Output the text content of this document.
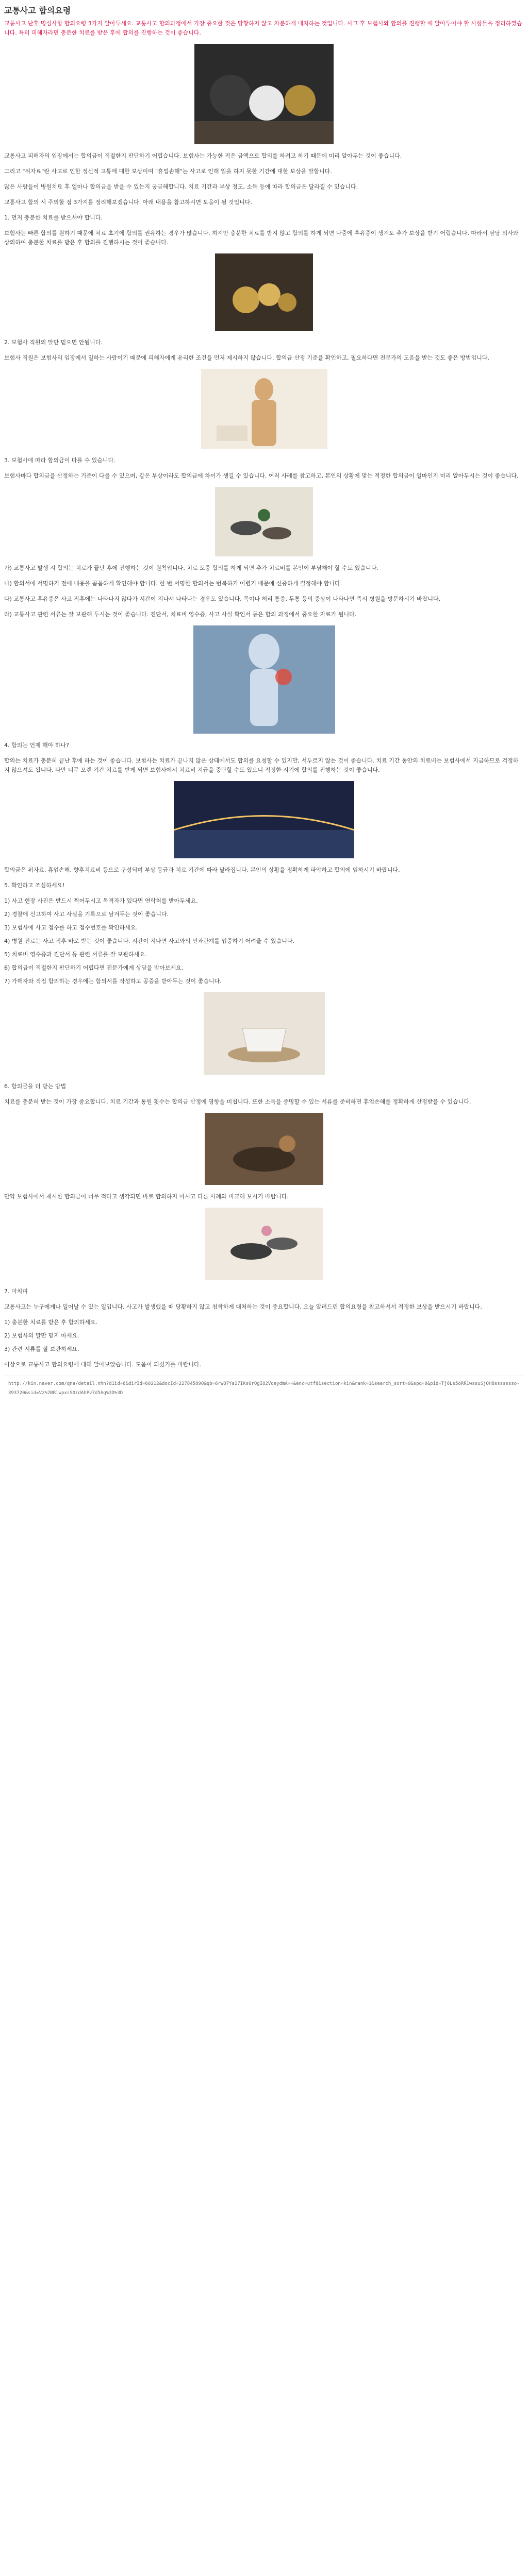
교통사고 합의요령

교통사고 난후 명심사항 합의요령 3가지 알아두세요. 교통사고 합의과정에서 가장 중요한 것은 당황하지 않고 차분하게 대처하는 것입니다. 사고 후 보험사와 합의를 진행할 때 알아두어야 할 사항들을 정리하였습니다. 특히 피해자라면 충분한 치료를 받은 후에 합의를 진행하는 것이 좋습니다.

교통사고 피해자의 입장에서는 합의금이 적절한지 판단하기 어렵습니다. 보험사는 가능한 적은 금액으로 합의를 하려고 하기 때문에 미리 알아두는 것이 좋습니다.

그리고 "위자료"란 사고로 인한 정신적 고통에 대한 보상이며 "휴업손해"는 사고로 인해 일을 하지 못한 기간에 대한 보상을 말합니다.

많은 사람들이 병원치료 후 얼마나 합의금을 받을 수 있는지 궁금해합니다. 치료 기간과 부상 정도, 소득 등에 따라 합의금은 달라질 수 있습니다.

교통사고 합의 시 주의할 점 3가지를 정리해보겠습니다. 아래 내용을 참고하시면 도움이 될 것입니다.

1. 먼저 충분한 치료를 받으셔야 합니다.

보험사는 빠른 합의를 원하기 때문에 치료 초기에 합의를 권유하는 경우가 많습니다. 하지만 충분한 치료를 받지 않고 합의를 하게 되면 나중에 후유증이 생겨도 추가 보상을 받기 어렵습니다. 따라서 담당 의사와 상의하여 충분한 치료를 받은 후 합의를 진행하시는 것이 좋습니다.

2. 보험사 직원의 말만 믿으면 안됩니다.

보험사 직원은 보험사의 입장에서 일하는 사람이기 때문에 피해자에게 유리한 조건을 먼저 제시하지 않습니다. 합의금 산정 기준을 확인하고, 필요하다면 전문가의 도움을 받는 것도 좋은 방법입니다.

3. 보험사에 따라 합의금이 다를 수 있습니다.

보험사마다 합의금을 산정하는 기준이 다를 수 있으며, 같은 부상이라도 합의금에 차이가 생길 수 있습니다. 여러 사례를 참고하고, 본인의 상황에 맞는 적정한 합의금이 얼마인지 미리 알아두시는 것이 좋습니다.

가) 교통사고 발생 시 합의는 치료가 끝난 후에 진행하는 것이 원칙입니다. 치료 도중 합의를 하게 되면 추가 치료비를 본인이 부담해야 할 수도 있습니다.

나) 합의서에 서명하기 전에 내용을 꼼꼼하게 확인해야 합니다. 한 번 서명한 합의서는 번복하기 어렵기 때문에 신중하게 결정해야 합니다.

다) 교통사고 후유증은 사고 직후에는 나타나지 않다가 시간이 지나서 나타나는 경우도 있습니다. 목이나 허리 통증, 두통 등의 증상이 나타나면 즉시 병원을 방문하시기 바랍니다.

라) 교통사고 관련 서류는 잘 보관해 두시는 것이 좋습니다. 진단서, 치료비 영수증, 사고 사실 확인서 등은 합의 과정에서 중요한 자료가 됩니다.

4. 합의는 언제 해야 하나?

합의는 치료가 충분히 끝난 후에 하는 것이 좋습니다. 보험사는 치료가 끝나지 않은 상태에서도 합의를 요청할 수 있지만, 서두르지 않는 것이 좋습니다. 치료 기간 동안의 치료비는 보험사에서 지급하므로 걱정하지 않으셔도 됩니다. 다만 너무 오랜 기간 치료를 받게 되면 보험사에서 치료비 지급을 중단할 수도 있으니 적정한 시기에 합의를 진행하는 것이 좋습니다.

합의금은 위자료, 휴업손해, 향후치료비 등으로 구성되며 부상 등급과 치료 기간에 따라 달라집니다. 본인의 상황을 정확하게 파악하고 합의에 임하시기 바랍니다.

5. 확인하고 조심하세요!

1) 사고 현장 사진은 반드시 찍어두시고 목격자가 있다면 연락처를 받아두세요.
2) 경찰에 신고하여 사고 사실을 기록으로 남겨두는 것이 좋습니다.
3) 보험사에 사고 접수를 하고 접수번호를 확인하세요.
4) 병원 진료는 사고 직후 바로 받는 것이 좋습니다. 시간이 지나면 사고와의 인과관계를 입증하기 어려울 수 있습니다.
5) 치료비 영수증과 진단서 등 관련 서류를 잘 보관하세요.
6) 합의금이 적절한지 판단하기 어렵다면 전문가에게 상담을 받아보세요.
7) 가해자와 직접 합의하는 경우에는 합의서를 작성하고 공증을 받아두는 것이 좋습니다.

6. 합의금을 더 받는 방법

치료를 충분히 받는 것이 가장 중요합니다. 치료 기간과 통원 횟수는 합의금 산정에 영향을 미칩니다. 또한 소득을 증명할 수 있는 서류를 준비하면 휴업손해를 정확하게 산정받을 수 있습니다.

만약 보험사에서 제시한 합의금이 너무 적다고 생각되면 바로 합의하지 마시고 다른 사례와 비교해 보시기 바랍니다.

7. 마치며

교통사고는 누구에게나 일어날 수 있는 일입니다. 사고가 발생했을 때 당황하지 않고 침착하게 대처하는 것이 중요합니다. 오늘 알려드린 합의요령을 참고하셔서 적정한 보상을 받으시기 바랍니다.

1) 충분한 치료를 받은 후 합의하세요.
2) 보험사의 말만 믿지 마세요.
3) 관련 서류를 잘 보관하세요.

이상으로 교통사고 합의요령에 대해 알아보았습니다. 도움이 되셨기를 바랍니다.

http://kin.naver.com/qna/detail.nhn?d1id=6&dirId=60212&docId=227845890&qb=6rWQ7Ya17IKs6rOgIO2VqeydmA==&enc=utf8&section=kin&rank=1&search_sort=0&spq=0&pid=Tj6Ls5oRR1wssuSjQH8ssssssso-393720&sid=Vz%2BRlwpxsS0rdAhPv7d5Ag%3D%3D
